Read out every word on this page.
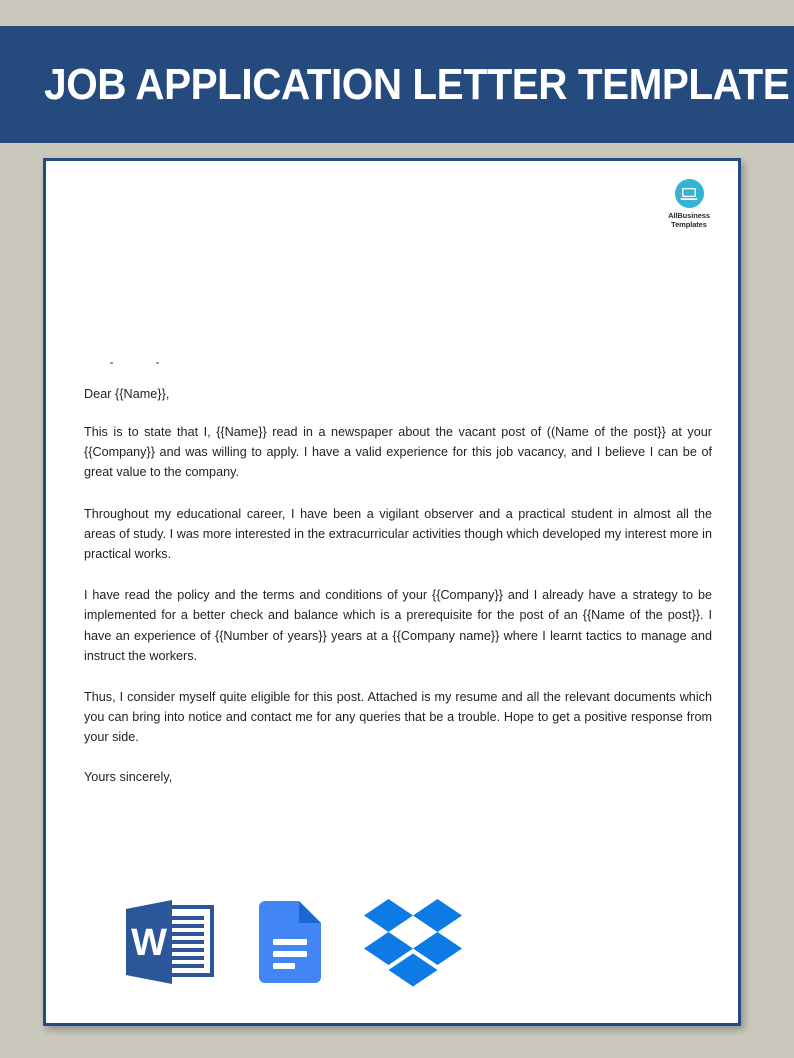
JOB APPLICATION LETTER TEMPLATE
AllBusiness
Templates
Dear {{Name}},

This is to state that I, {{Name}} read in a newspaper about the vacant post of ((Name of the post}} at your {{Company}} and was willing to apply. I have a valid experience for this job vacancy, and I believe I can be of great value to the company.

Throughout my educational career, I have been a vigilant observer and a practical student in almost all the areas of study. I was more interested in the extracurricular activities though which developed my interest more in practical works.

I have read the policy and the terms and conditions of your {{Company}} and I already have a strategy to be implemented for a better check and balance which is a prerequisite for the post of an {{Name of the post}}. I have an experience of {{Number of years}} years at a {{Company name}} where I learnt tactics to manage and instruct the workers.

Thus, I consider myself quite eligible for this post. Attached is my resume and all the relevant documents which you can bring into notice and contact me for any queries that be a trouble. Hope to get a positive response from your side.

Yours sincerely,
W
